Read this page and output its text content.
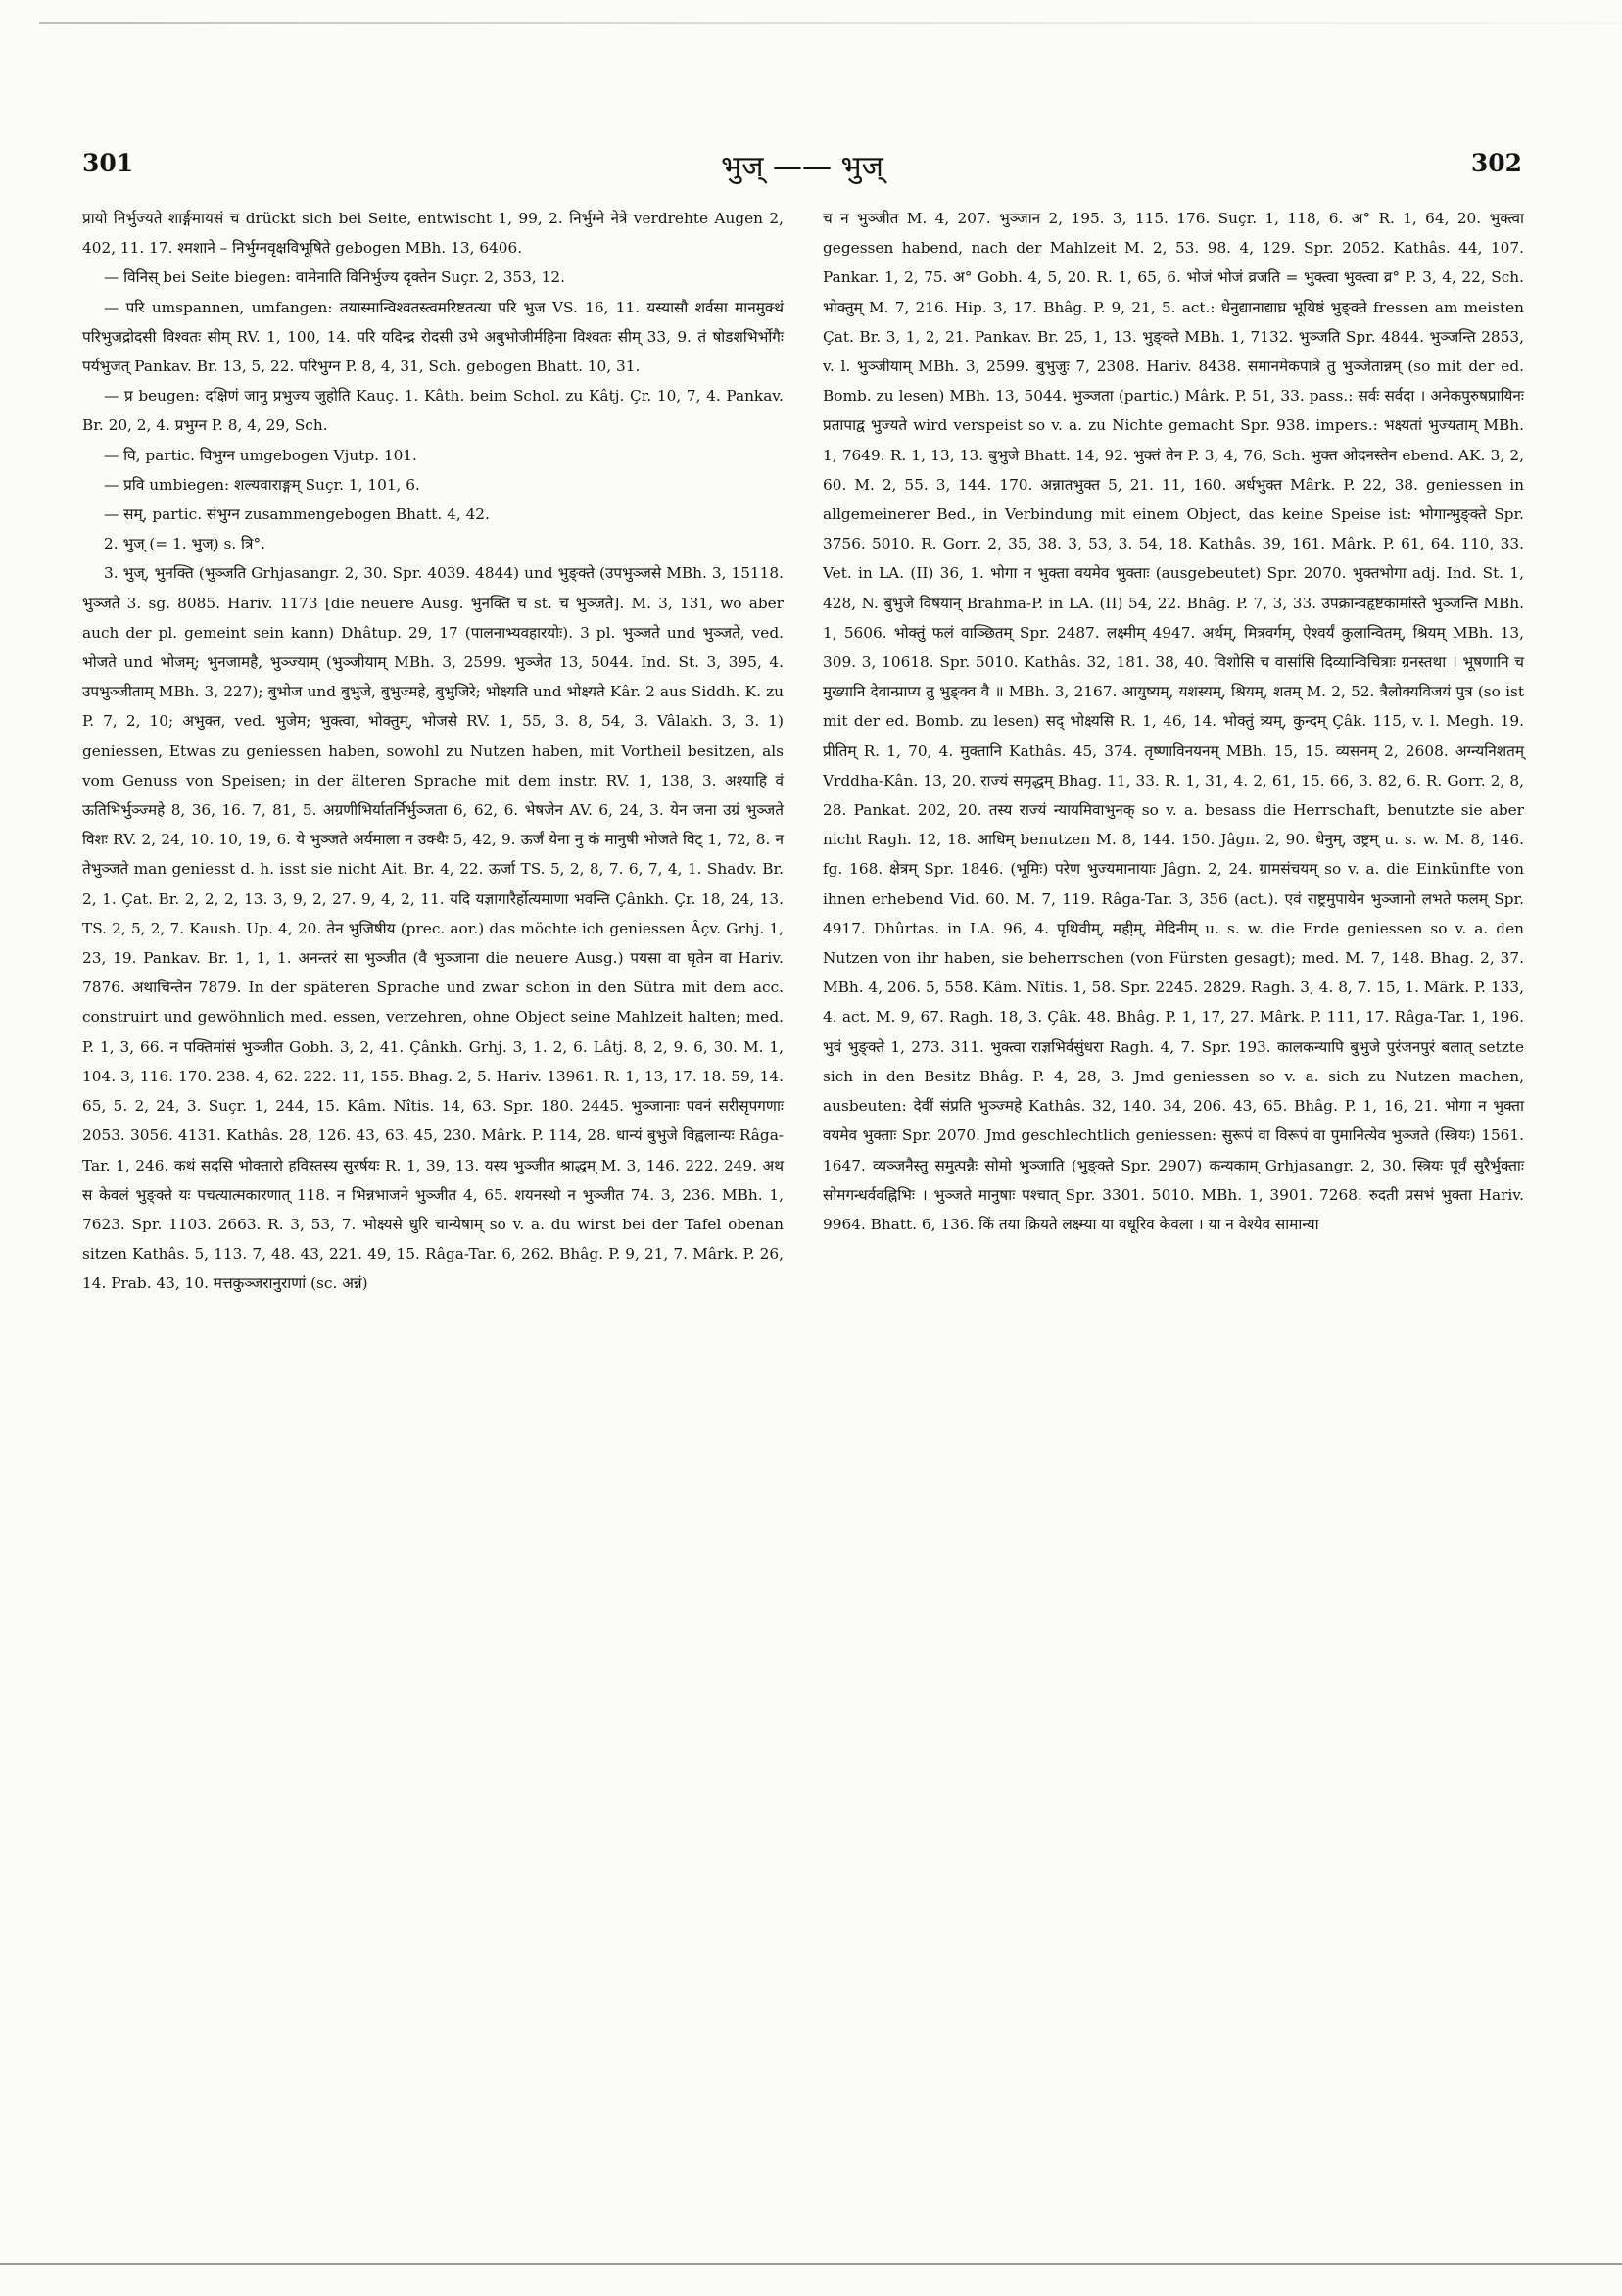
301	भुज् —— भुज्	302

प्रायो निर्भुज्यते शार्ङ्गमायसं च drückt sich bei Seite, entwischt 1, 99, 2. निर्भुग्ने नेत्रे verdrehte Augen 2, 402, 11. 17. श्मशाने – निर्भुग्नवृक्षविभूषिते gebogen MBh. 13, 6406.

— विनिस् bei Seite biegen: वामेनाति विनिर्भुज्य दृक्तेन Suçr. 2, 353, 12.

— परि umspannen, umfangen: तयास्मान्विश्वतस्त्वमरिष्टतत्या परि भुज VS. 16, 11. यस्यासौ शर्वसा मानमुक्थं परिभुजद्रोदसी विश्वतः सीम् RV. 1, 100, 14. परि यदिन्द्र रोदसी उभे अबुभोजीर्महिना विश्वतः सीम् 33, 9. तं षोडशभिर्भोगैः पर्यभुजत् Pankav. Br. 13, 5, 22. परिभुग्न P. 8, 4, 31, Sch. gebogen Bhatt. 10, 31.

— प्र beugen: दक्षिणं जानु प्रभुज्य जुहोति Kauç. 1. Kâth. beim Schol. zu Kâtj. Çr. 10, 7, 4. Pankav. Br. 20, 2, 4. प्रभुग्न P. 8, 4, 29, Sch.

— वि, partic. विभुग्न umgebogen Vjutp. 101.

— प्रवि umbiegen: शल्यवाराङ्गम् Suçr. 1, 101, 6.

— सम्, partic. संभुग्न zusammengebogen Bhatt. 4, 42.

2. भुज् (= 1. भुज्) s. त्रि°.

3. भुज्, भुनक्ति (भुञ्जति Grhjasangr. 2, 30. Spr. 4039. 4844) und भुङ्क्ते (उपभुञ्जसे MBh. 3, 15118. भुञ्जते 3. sg. 8085. Hariv. 1173 [die neuere Ausg. भुनक्ति च st. च भुञ्जते]. M. 3, 131, wo aber auch der pl. gemeint sein kann) Dhâtup. 29, 17 (पालनाभ्यवहारयोः). 3 pl. भुञ्जते und भुञ्जते, ved. भोजते und भोजम्; भुनजामहै, भुञ्ज्याम् (भुञ्जीयाम् MBh. 3, 2599. भुञ्जेत 13, 5044. Ind. St. 3, 395, 4. उपभुञ्जीताम् MBh. 3, 227); बुभोज und बुभुजे, बुभुज्महे, बुभुजिरे; भोक्ष्यति und भोक्ष्यते Kâr. 2 aus Siddh. K. zu P. 7, 2, 10; अभुक्त, ved. भुजेम; भुक्त्वा, भोक्तुम्, भोजसे RV. 1, 55, 3. 8, 54, 3. Vâlakh. 3, 3. 1) geniessen, Etwas zu geniessen haben, sowohl zu Nutzen haben, mit Vortheil besitzen, als vom Genuss von Speisen; in der älteren Sprache mit dem instr. RV. 1, 138, 3. अश्याहि वं ऊतिभिर्भुञ्ज्महे 8, 36, 16. 7, 81, 5. अग्रणीभिर्यातर्निर्भुञ्जता 6, 62, 6. भेषजेन AV. 6, 24, 3. येन जना उग्रं भुञ्जते विशः RV. 2, 24, 10. 10, 19, 6. ये भुञ्जते अर्यमाला न उक्थैः 5, 42, 9. ऊर्जं येना नु कं मानुषी भोजते विट् 1, 72, 8. न तेभुञ्जते man geniesst d. h. isst sie nicht Ait. Br. 4, 22. ऊर्जा TS. 5, 2, 8, 7. 6, 7, 4, 1. Shadv. Br. 2, 1. Çat. Br. 2, 2, 2, 13. 3, 9, 2, 27. 9, 4, 2, 11. यदि यज्ञागारैर्होत्यमाणा भवन्ति Çânkh. Çr. 18, 24, 13. TS. 2, 5, 2, 7. Kaush. Up. 4, 20. तेन भुजिषीय (prec. aor.) das möchte ich geniessen Âçv. Grhj. 1, 23, 19. Pankav. Br. 1, 1, 1. अनन्तरं सा भुञ्जीत (वै भुञ्जाना die neuere Ausg.) पयसा वा घृतेन वा Hariv. 7876. अथाचिन्तेन 7879. In der späteren Sprache und zwar schon in den Sûtra mit dem acc. construirt und gewöhnlich med. essen, verzehren, ohne Object seine Mahlzeit halten; med. P. 1, 3, 66. न पक्तिमांसं भुञ्जीत Gobh. 3, 2, 41. Çânkh. Grhj. 3, 1. 2, 6. Lâtj. 8, 2, 9. 6, 30. M. 1, 104. 3, 116. 170. 238. 4, 62. 222. 11, 155. Bhag. 2, 5. Hariv. 13961. R. 1, 13, 17. 18. 59, 14. 65, 5. 2, 24, 3. Suçr. 1, 244, 15. Kâm. Nîtis. 14, 63. Spr. 180. 2445. भुञ्जानाः पवनं सरीसृपगणाः 2053. 3056. 4131. Kathâs. 28, 126. 43, 63. 45, 230. Mârk. P. 114, 28. धान्यं बुभुजे विह्वलान्यः Râga-Tar. 1, 246. कथं सदसि भोक्तारो हविस्तस्य सुरर्षयः R. 1, 39, 13. यस्य भुञ्जीत श्राद्धम् M. 3, 146. 222. 249. अथ स केवलं भुङ्क्ते यः पचत्यात्मकारणात् 118. न भिन्नभाजने भुञ्जीत 4, 65. शयनस्थो न भुञ्जीत 74. 3, 236. MBh. 1, 7623. Spr. 1103. 2663. R. 3, 53, 7. भोक्ष्यसे धुरि चान्येषाम् so v. a. du wirst bei der Tafel obenan sitzen Kathâs. 5, 113. 7, 48. 43, 221. 49, 15. Râga-Tar. 6, 262. Bhâg. P. 9, 21, 7. Mârk. P. 26, 14. Prab. 43, 10. मत्तकुञ्जरानुराणां (sc. अन्नं)

च न भुञ्जीत M. 4, 207. भुञ्जान 2, 195. 3, 115. 176. Suçr. 1, 118, 6. अ° R. 1, 64, 20. भुक्त्वा gegessen habend, nach der Mahlzeit M. 2, 53. 98. 4, 129. Spr. 2052. Kathâs. 44, 107. Pankar. 1, 2, 75. अ° Gobh. 4, 5, 20. R. 1, 65, 6. भोजं भोजं व्रजति = भुक्त्वा भुक्त्वा व्र° P. 3, 4, 22, Sch. भोक्तुम् M. 7, 216. Hip. 3, 17. Bhâg. P. 9, 21, 5. act.: धेनुद्यानाद्याघ्र भूयिष्ठं भुङ्क्ते fressen am meisten Çat. Br. 3, 1, 2, 21. Pankav. Br. 25, 1, 13. भुङ्क्ते MBh. 1, 7132. भुञ्जति Spr. 4844. भुञ्जन्ति 2853, v. l. भुञ्जीयाम् MBh. 3, 2599. बुभुजुः 7, 2308. Hariv. 8438. समानमेकपात्रे तु भुञ्जेतान्नम् (so mit der ed. Bomb. zu lesen) MBh. 13, 5044. भुञ्जता (partic.) Mârk. P. 51, 33. pass.: सर्वः सर्वदा । अनेकपुरुषप्रायिनः प्रतापाद्व भुज्यते wird verspeist so v. a. zu Nichte gemacht Spr. 938. impers.: भक्ष्यतां भुज्यताम् MBh. 1, 7649. R. 1, 13, 13. बुभुजे Bhatt. 14, 92. भुक्तं तेन P. 3, 4, 76, Sch. भुक्त ओदनस्तेन ebend. AK. 3, 2, 60. M. 2, 55. 3, 144. 170. अन्नातभुक्त 5, 21. 11, 160. अर्धभुक्त Mârk. P. 22, 38. geniessen in allgemeinerer Bed., in Verbindung mit einem Object, das keine Speise ist: भोगान्भुङ्क्ते Spr. 3756. 5010. R. Gorr. 2, 35, 38. 3, 53, 3. 54, 18. Kathâs. 39, 161. Mârk. P. 61, 64. 110, 33. Vet. in LA. (II) 36, 1. भोगा न भुक्ता वयमेव भुक्ताः (ausgebeutet) Spr. 2070. भुक्तभोगा adj. Ind. St. 1, 428, N. बुभुजे विषयान् Brahma-P. in LA. (II) 54, 22. Bhâg. P. 7, 3, 33. उपक्रान्वहृष्टकामांस्ते भुञ्जन्ति MBh. 1, 5606. भोक्तुं फलं वाञ्छितम् Spr. 2487. लक्ष्मीम् 4947. अर्थम्, मित्रवर्गम्, ऐश्वर्यं कुलान्वितम्, श्रियम् MBh. 13, 309. 3, 10618. Spr. 5010. Kathâs. 32, 181. 38, 40. विशोसि च वासांसि दिव्यान्विचित्राः ग्रनस्तथा । भूषणानि च मुख्यानि देवान्प्राप्य तु भुङ्क्व वै ॥ MBh. 3, 2167. आयुष्यम्, यशस्यम्, श्रियम्, शतम् M. 2, 52. त्रैलोक्यविजयं पुत्र (so ist mit der ed. Bomb. zu lesen) सद् भोक्ष्यसि R. 1, 46, 14. भोक्तुं त्र्यम्, कुन्दम् Çâk. 115, v. l. Megh. 19. प्रीतिम् R. 1, 70, 4. मुक्तानि Kathâs. 45, 374. तृष्णाविनयनम् MBh. 15, 15. व्यसनम् 2, 2608. अग्न्यनिशतम् Vrddha-Kân. 13, 20. राज्यं समृद्धम् Bhag. 11, 33. R. 1, 31, 4. 2, 61, 15. 66, 3. 82, 6. R. Gorr. 2, 8, 28. Pankat. 202, 20. तस्य राज्यं न्यायमिवाभुनक् so v. a. besass die Herrschaft, benutzte sie aber nicht Ragh. 12, 18. आधिम् benutzen M. 8, 144. 150. Jâgn. 2, 90. धेनुम्, उष्ट्रम् u. s. w. M. 8, 146. fg. 168. क्षेत्रम् Spr. 1846. (भूमिः) परेण भुज्यमानायाः Jâgn. 2, 24. ग्रामसंचयम् so v. a. die Einkünfte von ihnen erhebend Vid. 60. M. 7, 119. Râga-Tar. 3, 356 (act.). एवं राष्ट्रमुपायेन भुञ्जानो लभते फलम् Spr. 4917. Dhûrtas. in LA. 96, 4. पृथिवीम्, मही़म्, मेदिनीम् u. s. w. die Erde geniessen so v. a. den Nutzen von ihr haben, sie beherrschen (von Fürsten gesagt); med. M. 7, 148. Bhag. 2, 37. MBh. 4, 206. 5, 558. Kâm. Nîtis. 1, 58. Spr. 2245. 2829. Ragh. 3, 4. 8, 7. 15, 1. Mârk. P. 133, 4. act. M. 9, 67. Ragh. 18, 3. Çâk. 48. Bhâg. P. 1, 17, 27. Mârk. P. 111, 17. Râga-Tar. 1, 196. भुवं भुङ्क्ते 1, 273. 311. भुक्त्वा राज्ञभिर्वसुंधरा Ragh. 4, 7. Spr. 193. कालकन्यापि बुभुजे पुरंजनपुरं बलात् setzte sich in den Besitz Bhâg. P. 4, 28, 3. Jmd geniessen so v. a. sich zu Nutzen machen, ausbeuten: देवीं संप्रति भुञ्ज्महे Kathâs. 32, 140. 34, 206. 43, 65. Bhâg. P. 1, 16, 21. भोगा न भुक्ता वयमेव भुक्ताः Spr. 2070. Jmd geschlechtlich geniessen: सुरूपं वा विरूपं वा पुमानित्येव भुञ्जते (स्त्रियः) 1561. 1647. व्यञ्जनैस्तु समुत्पन्नैः सोमो भुञ्जाति (भुङ्क्ते Spr. 2907) कन्यकाम् Grhjasangr. 2, 30. स्त्रियः पूर्वं सुरैर्भुक्ताः सोमगन्धर्ववह्निभिः । भुञ्जते मानुषाः पश्चात् Spr. 3301. 5010. MBh. 1, 3901. 7268. रुदती प्रसभं भुक्ता Hariv. 9964. Bhatt. 6, 136. किं तया क्रियते लक्ष्म्या या वधूरिव केवला । या न वेश्येव सामान्या
